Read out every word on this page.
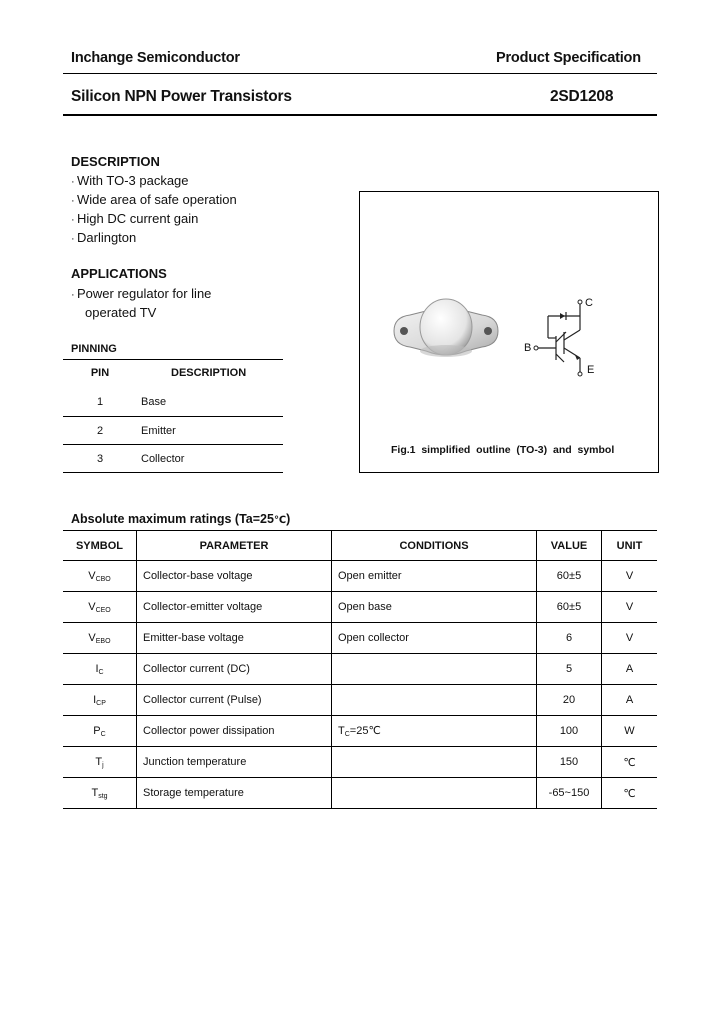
Inchange Semiconductor	Product Specification
Silicon NPN Power Transistors	2SD1208
DESCRIPTION
· With TO-3 package
· Wide area of safe operation
· High DC current gain
· Darlington
APPLICATIONS
· Power regulator for line
operated TV
PINNING
PIN	DESCRIPTION
1	Base
2	Emitter
3	Collector
C
B
E
Fig.1  simplified  outline  (TO-3)  and  symbol
Absolute maximum ratings (Ta=25℃)
SYMBOL	PARAMETER	CONDITIONS	VALUE	UNIT
$V_{CBO}$	Collector-base voltage	Open emitter	60±5	V
$V_{CEO}$	Collector-emitter voltage	Open base	60±5	V
$V_{EBO}$	Emitter-base voltage	Open collector	6	V
$I_C$	Collector current (DC)		5	A
$I_{CP}$	Collector current (Pulse)		20	A
$P_C$	Collector power dissipation	$T_C=25℃$	100	W
$T_j$	Junction temperature		150	℃
$T_{stg}$	Storage temperature		-65~150	℃
